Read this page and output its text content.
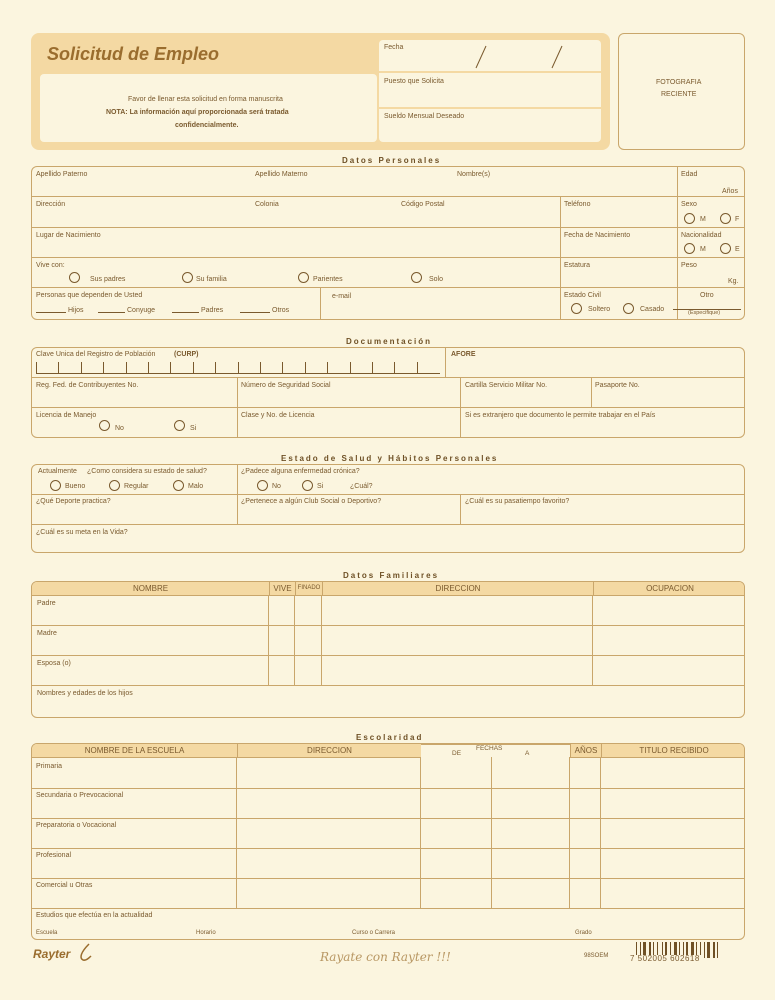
Solicitud de Empleo
Favor de llenar esta solicitud en forma manuscrita
NOTA: La información aquí proporcionada será tratada
confidencialmente.
Fecha
Puesto que Solicita
Sueldo Mensual Deseado
FOTOGRAFIA
RECIENTE
Datos Personales
Apellido Paterno	Apellido Materno	Nombre(s)	Edad
Años
Dirección	Colonia	Código Postal	Teléfono	Sexo
M	F
Lugar de Nacimiento	Fecha de Nacimiento	Nacionalidad
M	E
Vive con:
Sus padres	Su familia	Parientes	Solo
Estatura	Peso
Kg.
Personas que dependen de Usted
Hijos	Conyuge	Padres	Otros
e-mail	Estado Civil	Otro
Soltero	Casado	(Especifique)
Documentación
Clave Unica del Registro de Población	(CURP)	AFORE
Reg. Fed. de Contribuyentes No.	Número de Seguridad Social	Cartilla Servicio Militar No.	Pasaporte No.
Licencia de Manejo
No	Si
Clase y No. de Licencia	Si es extranjero que documento le permite trabajar en el País
Estado de Salud y Hábitos Personales
Actualmente ¿Como considera su estado de salud?
Bueno	Regular	Malo
¿Padece alguna enfermedad crónica?
No	Si	¿Cuál?
¿Qué Deporte practica?	¿Pertenece a algún Club Social o Deportivo?	¿Cuál es su pasatiempo favorito?
¿Cuál es su meta en la Vida?
Datos Familiares
NOMBRE	VIVE	FINADO	DIRECCION	OCUPACION
Padre
Madre
Esposa (o)
Nombres y edades de los hijos
Escolaridad
NOMBRE DE LA ESCUELA	DIRECCION	AÑOS	TITULO RECIBIDO
FECHAS
DE	A
Primaria
Secundaria o Prevocacional
Preparatoria o Vocacional
Profesional
Comercial u Otras
Estudios que efectúa en la actualidad
Escuela	Horario	Curso o Carrera	Grado
Rayter	Rayate con Rayter !!!	98SOEM	7 502005 602618
